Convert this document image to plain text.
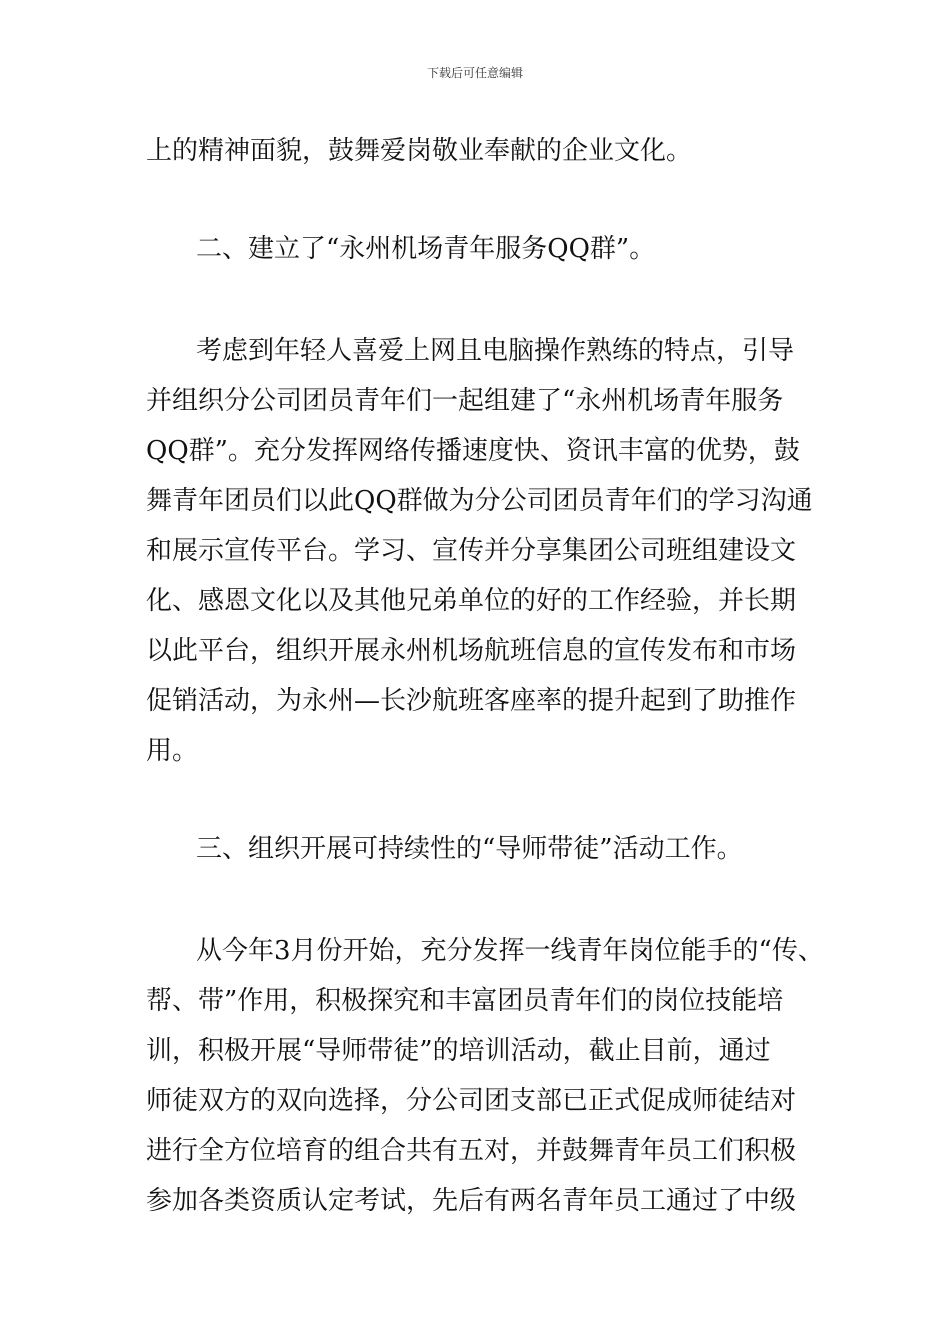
下载后可任意编辑
上的精神面貌，鼓舞爱岗敬业奉献的企业文化。
二、建立了“永州机场青年服务QQ群”。
考虑到年轻人喜爱上网且电脑操作熟练的特点，引导
并组织分公司团员青年们一起组建了“永州机场青年服务
QQ群”。充分发挥网络传播速度快、资讯丰富的优势，鼓
舞青年团员们以此QQ群做为分公司团员青年们的学习沟通
和展示宣传平台。学习、宣传并分享集团公司班组建设文
化、感恩文化以及其他兄弟单位的好的工作经验，并长期
以此平台，组织开展永州机场航班信息的宣传发布和市场
促销活动，为永州—长沙航班客座率的提升起到了助推作
用。
三、组织开展可持续性的“导师带徒”活动工作。
从今年3月份开始，充分发挥一线青年岗位能手的“传、
帮、带”作用，积极探究和丰富团员青年们的岗位技能培
训，积极开展“导师带徒”的培训活动，截止目前，通过
师徒双方的双向选择，分公司团支部已正式促成师徒结对
进行全方位培育的组合共有五对，并鼓舞青年员工们积极
参加各类资质认定考试，先后有两名青年员工通过了中级
